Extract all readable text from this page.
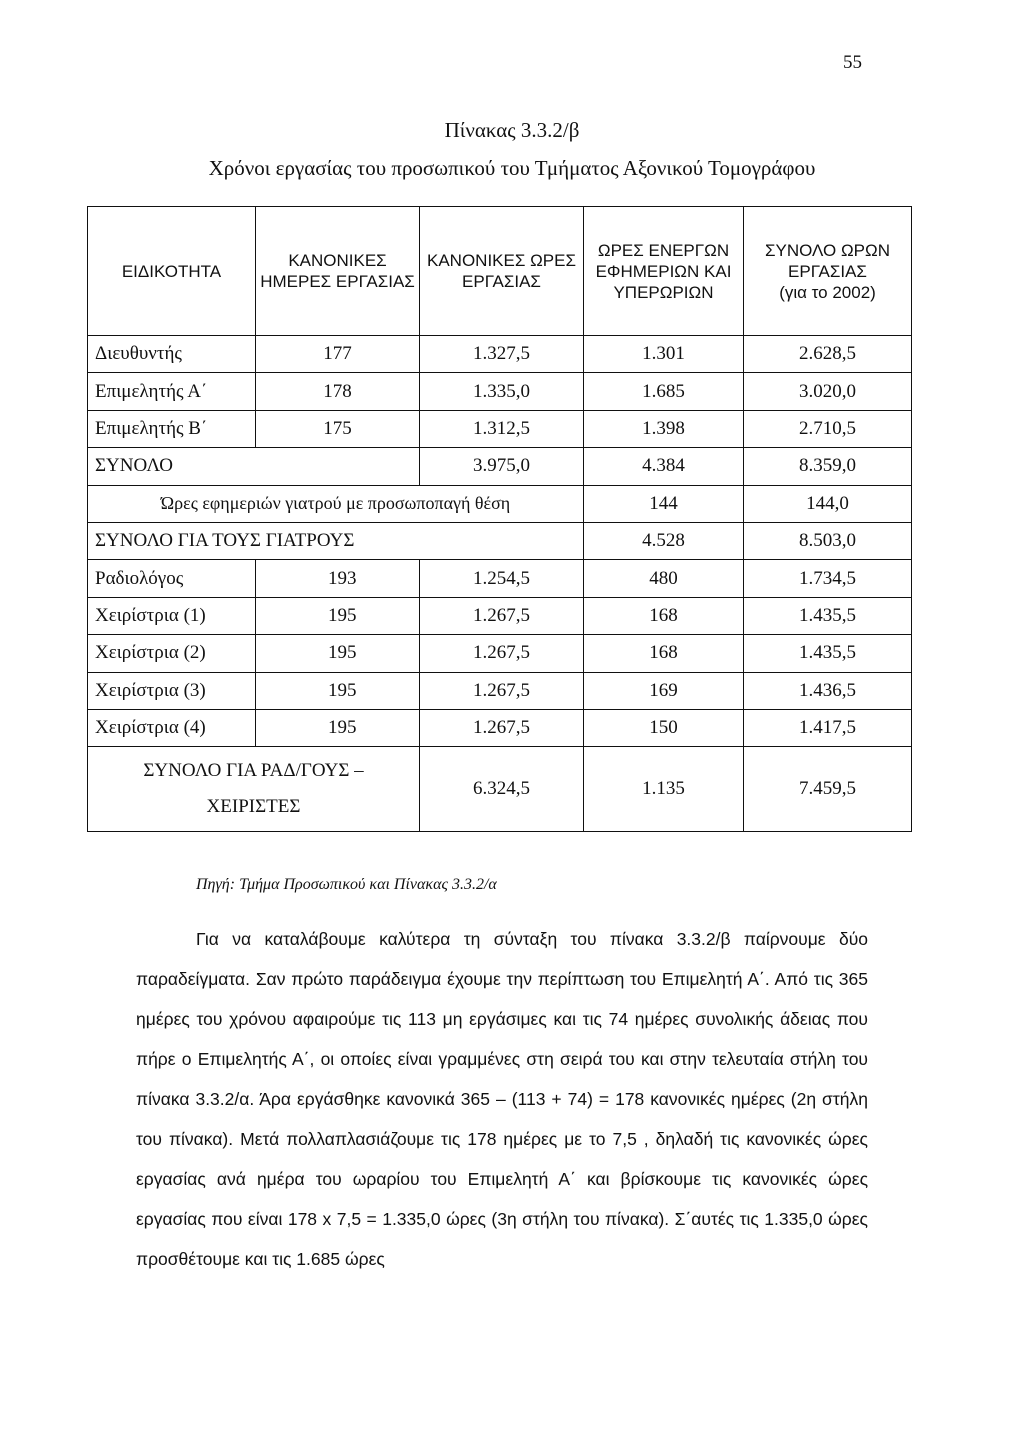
55
Πίνακας 3.3.2/β
Χρόνοι εργασίας του προσωπικού του Τμήματος Αξονικού Τομογράφου
ΕΙΔΙΚΟΤΗΤΑ	ΚΑΝΟΝΙΚΕΣ ΗΜΕΡΕΣ ΕΡΓΑΣΙΑΣ	ΚΑΝΟΝΙΚΕΣ ΩΡΕΣ ΕΡΓΑΣΙΑΣ	ΩΡΕΣ ΕΝΕΡΓΩΝ ΕΦΗΜΕΡΙΩΝ ΚΑΙ ΥΠΕΡΩΡΙΩΝ	ΣΥΝΟΛΟ ΩΡΩΝ ΕΡΓΑΣΙΑΣ
(για το 2002)
Διευθυντής	177	1.327,5	1.301	2.628,5
Επιμελητής Α΄	178	1.335,0	1.685	3.020,0
Επιμελητής Β΄	175	1.312,5	1.398	2.710,5
ΣΥΝΟΛΟ		3.975,0	4.384	8.359,0
Ώρες εφημεριών γιατρού με προσωποπαγή θέση			144	144,0
ΣΥΝΟΛΟ ΓΙΑ ΤΟΥΣ ΓΙΑΤΡΟΥΣ			4.528	8.503,0
Ραδιολόγος	193	1.254,5	480	1.734,5
Χειρίστρια (1)	195	1.267,5	168	1.435,5
Χειρίστρια (2)	195	1.267,5	168	1.435,5
Χειρίστρια (3)	195	1.267,5	169	1.436,5
Χειρίστρια (4)	195	1.267,5	150	1.417,5
ΣΥΝΟΛΟ ΓΙΑ ΡΑΔ/ΓΟΥΣ –
ΧΕΙΡΙΣΤΕΣ		6.324,5	1.135	7.459,5
Πηγή: Τμήμα Προσωπικού και Πίνακας 3.3.2/α

Για να καταλάβουμε καλύτερα τη σύνταξη του πίνακα 3.3.2/β παίρνουμε δύο παραδείγματα. Σαν πρώτο παράδειγμα έχουμε την περίπτωση του Επιμελητή Α΄. Από τις 365 ημέρες του χρόνου αφαιρούμε τις 113 μη εργάσιμες και τις 74 ημέρες συνολικής άδειας που πήρε ο Επιμελητής Α΄, οι οποίες είναι γραμμένες στη σειρά του και στην τελευταία στήλη του πίνακα 3.3.2/α. Άρα εργάσθηκε κανονικά 365 – (113 + 74) = 178 κανονικές ημέρες (2η στήλη του πίνακα). Μετά πολλαπλασιάζουμε τις 178 ημέρες με το 7,5 , δηλαδή τις κανονικές ώρες εργασίας ανά ημέρα του ωραρίου του Επιμελητή Α΄ και βρίσκουμε τις κανονικές ώρες εργασίας που είναι 178 x 7,5 = 1.335,0 ώρες (3η στήλη του πίνακα). Σ΄αυτές τις 1.335,0 ώρες προσθέτουμε και τις 1.685 ώρες
